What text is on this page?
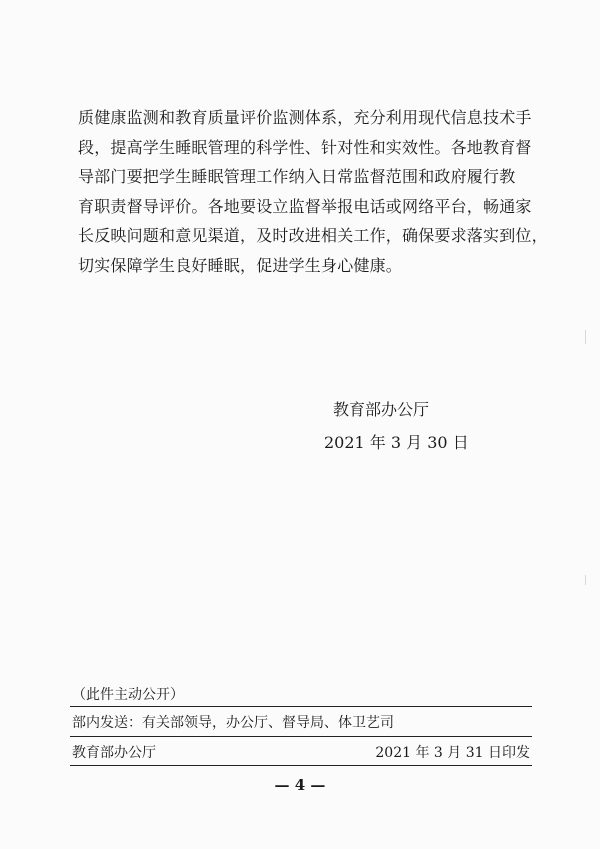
质健康监测和教育质量评价监测体系，充分利用现代信息技术手
段，提高学生睡眠管理的科学性、针对性和实效性。各地教育督
导部门要把学生睡眠管理工作纳入日常监督范围和政府履行教
育职责督导评价。各地要设立监督举报电话或网络平台，畅通家
长反映问题和意见渠道，及时改进相关工作，确保要求落实到位，
切实保障学生良好睡眠，促进学生身心健康。
教育部办公厅
2021 年 3 月 30 日
（此件主动公开）
部内发送：有关部领导，办公厅、督导局、体卫艺司
教育部办公厅	2021 年 3 月 31 日印发
— 4 —
